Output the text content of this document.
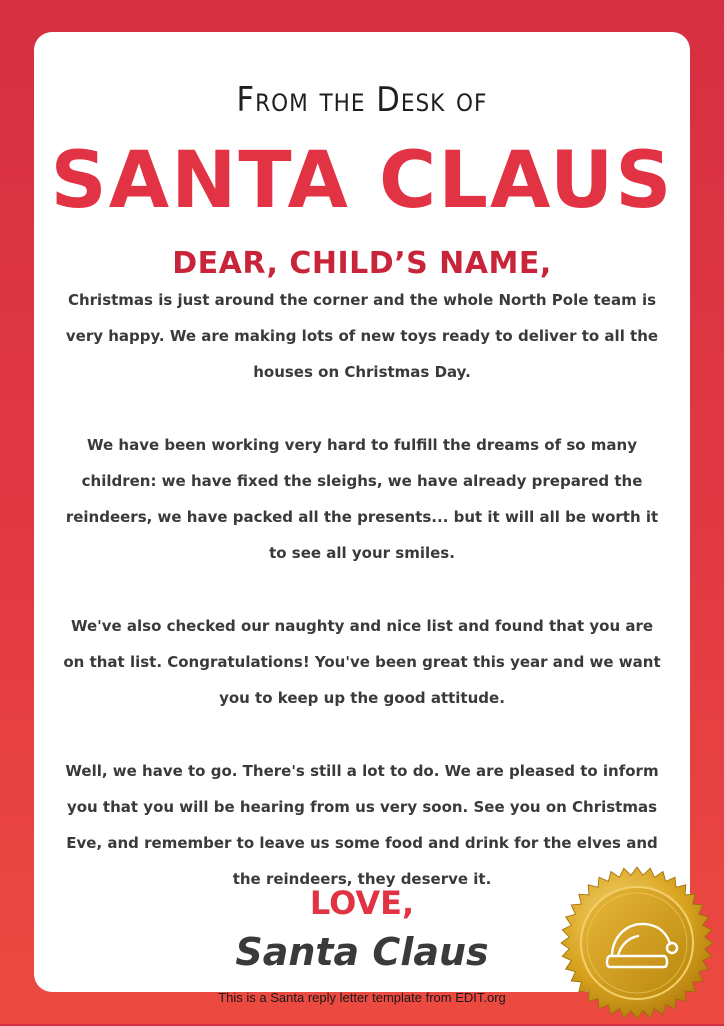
From the Desk of
SANTA CLAUS
DEAR, CHILD’S NAME,

Christmas is just around the corner and the whole North Pole team is very happy. We are making lots of new toys ready to deliver to all the houses on Christmas Day.

We have been working very hard to fulfill the dreams of so many children: we have fixed the sleighs, we have already prepared the reindeers, we have packed all the presents... but it will all be worth it to see all your smiles.

We've also checked our naughty and nice list and found that you are on that list. Congratulations! You've been great this year and we want you to keep up the good attitude.

Well, we have to go. There's still a lot to do. We are pleased to inform you that you will be hearing from us very soon. See you on Christmas Eve, and remember to leave us some food and drink for the elves and the reindeers, they deserve it.

LOVE,
Santa Claus
This is a Santa reply letter template from EDIT.org
